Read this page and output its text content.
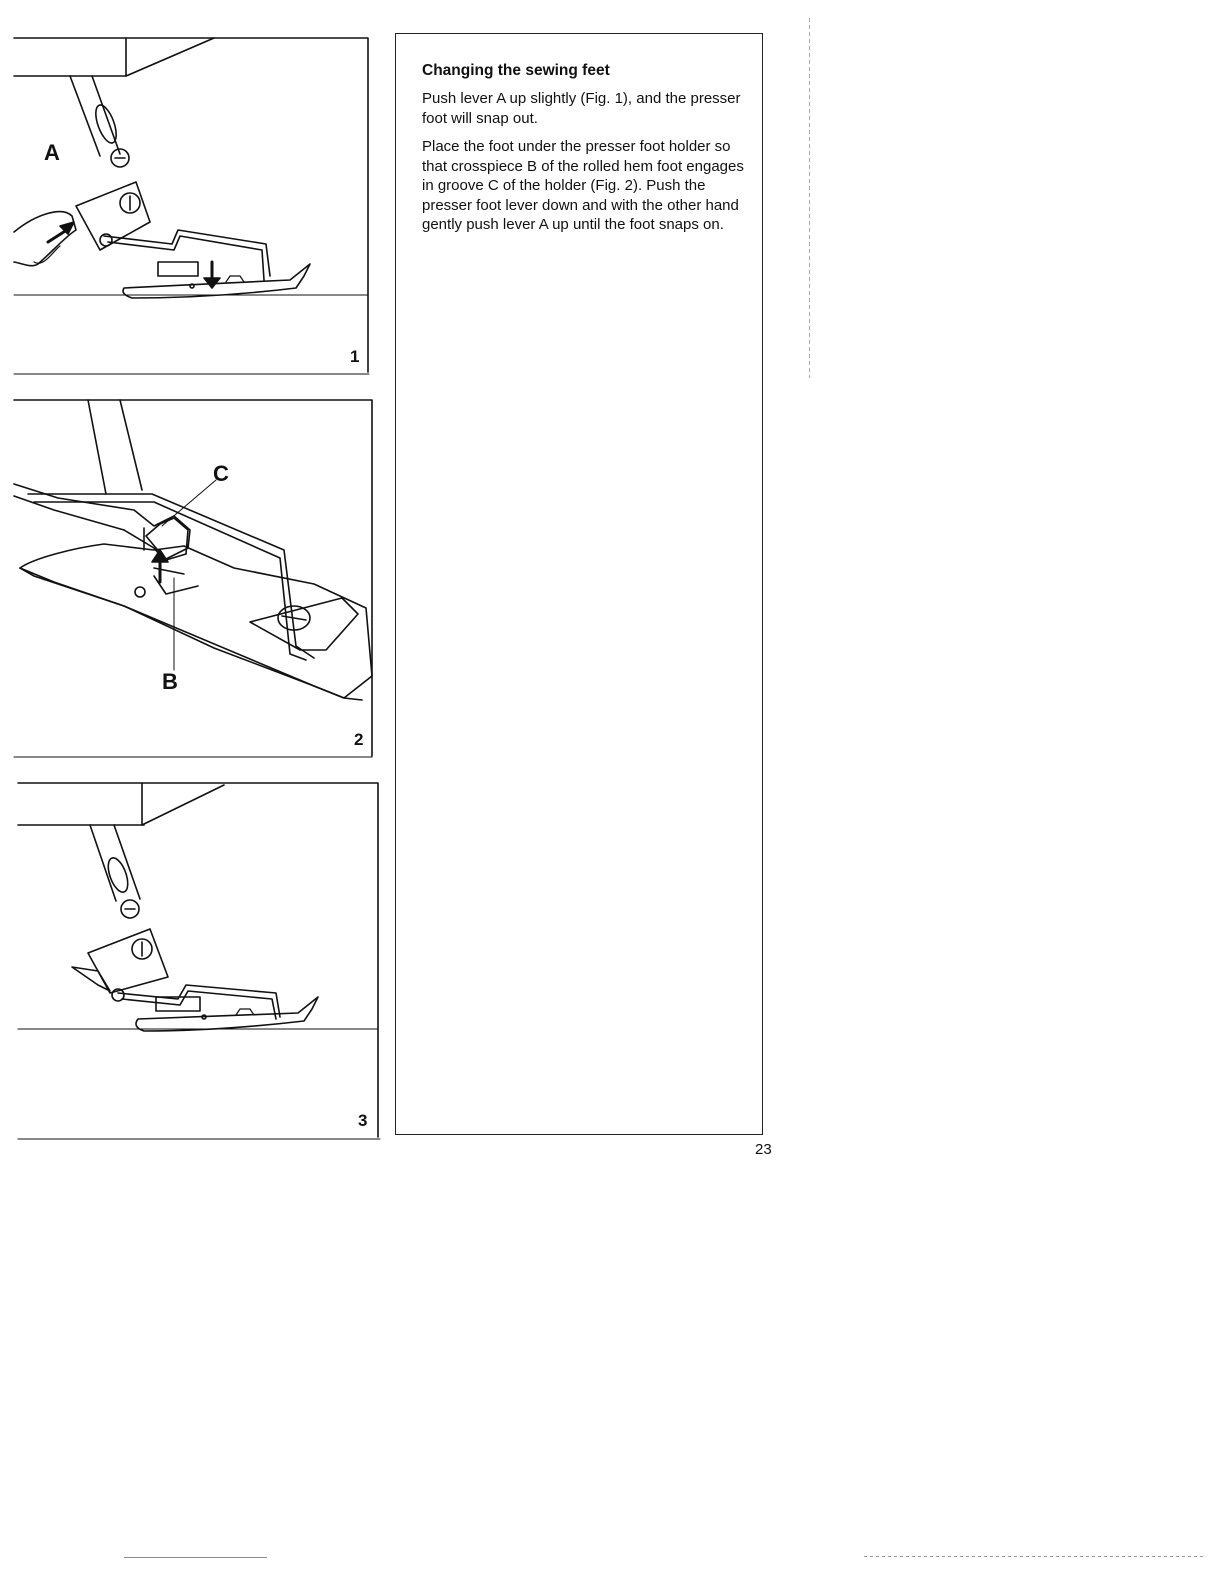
A
1
C
B
2
3
Changing the sewing feet

Push lever A up slightly (Fig. 1), and the presser foot will snap out.

Place the foot under the presser foot holder so that crosspiece B of the rolled hem foot engages in groove C of the holder (Fig. 2). Push the presser foot lever down and with the other hand gently push lever A up until the foot snaps on.

23
